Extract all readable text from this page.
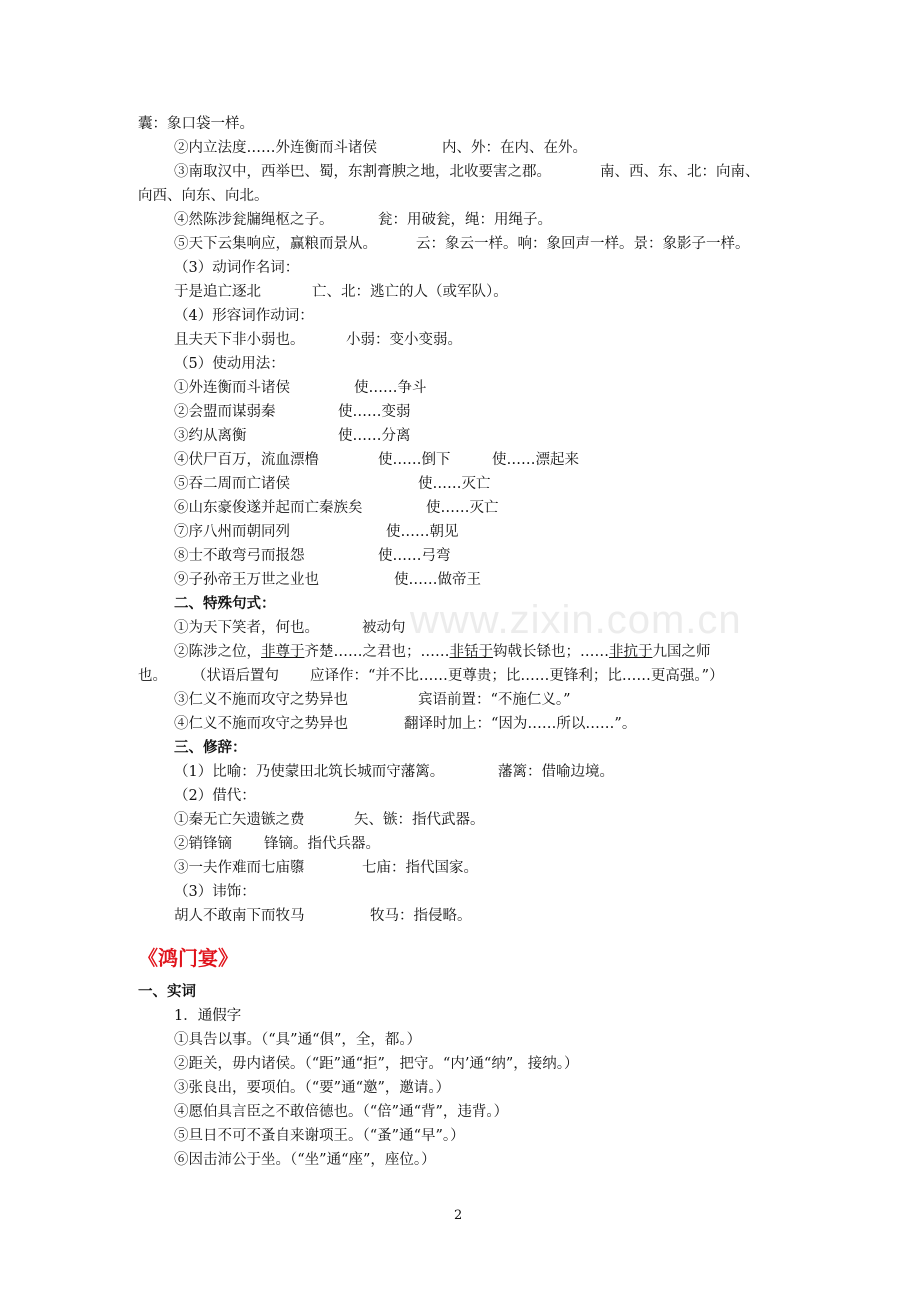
www.zixin.com.cn
《鸿门宴》
2
囊：象口袋一样。
②内立法度……外连衡而斗诸侯	内、外：在内、在外。
③南取汉中，西举巴、蜀，东割膏腴之地，北收要害之郡。	南、西、东、北：向南、
向西、向东、向北。
④然陈涉瓮牖绳枢之子。	瓮：用破瓮，绳：用绳子。
⑤天下云集响应，赢粮而景从。	云：象云一样。响：象回声一样。景：象影子一样。
（3）动词作名词：
于是追亡逐北	亡、北：逃亡的人（或军队）。
（4）形容词作动词：
且夫天下非小弱也。	小弱：变小变弱。
（5）使动用法：
①外连衡而斗诸侯	使……争斗
②会盟而谋弱秦	使……变弱
③约从离衡	使……分离
④伏尸百万，流血漂橹	使……倒下	使……漂起来
⑤吞二周而亡诸侯	使……灭亡
⑥山东豪俊遂并起而亡秦族矣	使……灭亡
⑦序八州而朝同列	使……朝见
⑧士不敢弯弓而报怨	使……弓弯
⑨子孙帝王万世之业也	使……做帝王
二、特殊句式：
①为天下笑者，何也。	被动句
②陈涉之位，非尊于齐楚……之君也；……非铦于钩戟长铩也；……非抗于九国之师
也。 （状语后置句 应译作：“并不比……更尊贵；比……更锋利；比……更高强。”）
③仁义不施而攻守之势异也	宾语前置：“不施仁义。”
④仁义不施而攻守之势异也	翻译时加上：“因为……所以……”。
三、修辞：
（1）比喻：乃使蒙田北筑长城而守藩篱。	藩篱：借喻边境。
（2）借代：
①秦无亡矢遗镞之费	矢、镞：指代武器。
②销锋镝 锋镝。指代兵器。
③一夫作难而七庙隳	七庙：指代国家。
（3）讳饰：
胡人不敢南下而牧马	牧马：指侵略。
一、实词
1．通假字
①具告以事。（“具”通“俱”，全，都。）
②距关，毋内诸侯。（“距”通“拒”，把守。“内’通“纳”，接纳。）
③张良出，要项伯。（“要”通“邀”，邀请。）
④愿伯具言臣之不敢倍德也。（“倍”通“背”，违背。）
⑤旦日不可不蚤自来谢项王。（“蚤”通“早”。）
⑥因击沛公于坐。（“坐”通“座”，座位。）
